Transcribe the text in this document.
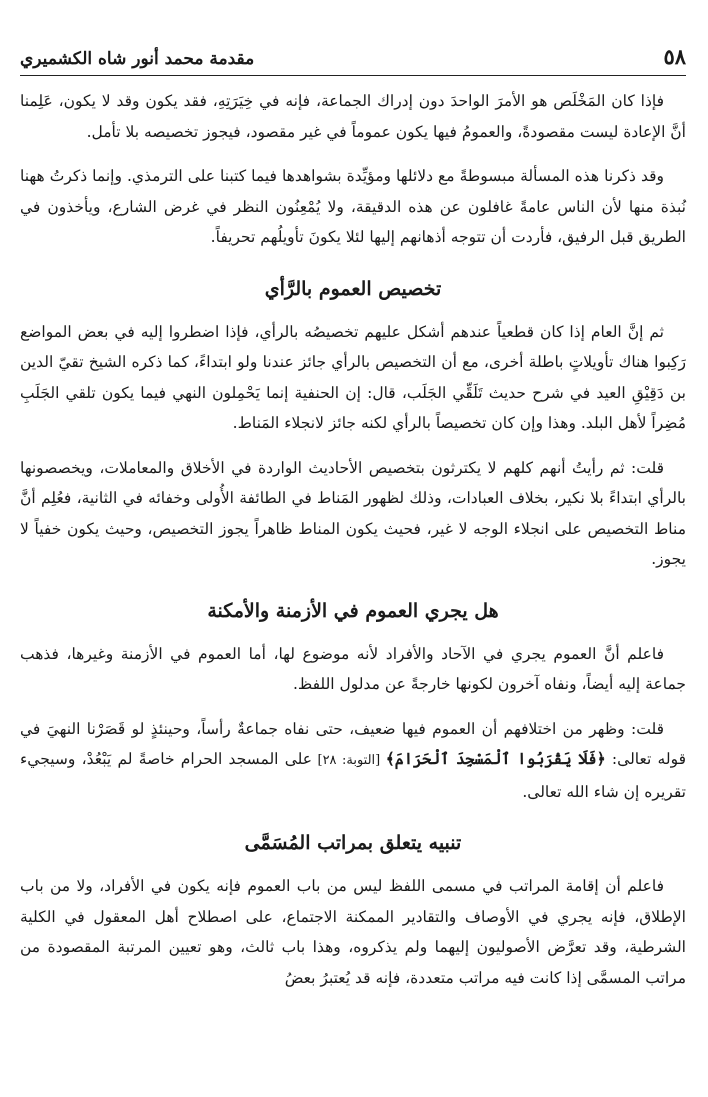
٥٨
مقدمة محمد أنور شاه الكشميري

فإذا كان المَخْلَص هو الأمرَ الواحدَ دون إدراك الجماعة، فإنه في خِيَرَتِهِ، فقد يكون وقد لا يكون، عَلِمنا أنَّ الإعادة ليست مقصودةً، والعمومُ فيها يكون عموماً في غير مقصود، فيجوز تخصيصه بلا تأمل.

وقد ذكرنا هذه المسألة مبسوطةً مع دلائلها ومؤيِّدة بشواهدها فيما كتبنا على الترمذي. وإنما ذكرتُ ههنا نُبذة منها لأن الناس عامةً غافلون عن هذه الدقيقة، ولا يُمْعِنُون النظر في غرض الشارع، ويأخذون في الطريق قبل الرفيق، فأردت أن تتوجه أذهانهم إليها لئلا يكونَ تأويلُهم تحريفاً.

تخصيص العموم بالرَّأي

ثم إنَّ العام إذا كان قطعياً عندهم أشكل عليهم تخصيصُه بالرأي، فإذا اضطروا إليه في بعض المواضع رَكِبوا هناك تأويلاتٍ باطلة أخرى، مع أن التخصيص بالرأي جائز عندنا ولو ابتداءً، كما ذكره الشيخ تقيّ الدين بن دَقِيْقِ العيد في شرح حديث تَلَقِّي الجَلَب، قال: إن الحنفية إنما يَحْمِلون النهي فيما يكون تلقي الجَلَبِ مُضِراً لأهل البلد. وهذا وإن كان تخصيصاً بالرأي لكنه جائز لانجلاء المَناط.

قلت: ثم رأيتُ أنهم كلهم لا يكترثون بتخصيص الأحاديث الواردة في الأخلاق والمعاملات، ويخصصونها بالرأي ابتداءً بلا نكير، بخلاف العبادات، وذلك لظهور المَناط في الطائفة الأُولى وخفائه في الثانية، فعُلِم أنَّ مناط التخصيص على انجلاء الوجه لا غير، فحيث يكون المناط ظاهراً يجوز التخصيص، وحيث يكون خفياً لا يجوز.

هل يجري العموم في الأزمنة والأمكنة

فاعلم أنَّ العموم يجري في الآحاد والأفراد لأنه موضوع لها، أما العموم في الأزمنة وغيرها، فذهب جماعة إليه أيضاً، ونفاه آخرون لكونها خارجةً عن مدلول اللفظ.

قلت: وظهر من اختلافهم أن العموم فيها ضعيف، حتى نفاه جماعةٌ رأساً، وحينئذٍ لو قَصَرْنا النهيَ في قوله تعالى: ﴿فَلَا يَقْرَبُوا ٱلْمَسْجِدَ ٱلْحَرَامَ﴾ [التوبة: ٢٨] على المسجد الحرام خاصةً لم يَبْعُدْ، وسيجيء تقريره إن شاء الله تعالى.

تنبيه يتعلق بمراتب المُسَمَّى

فاعلم أن إقامة المراتب في مسمى اللفظ ليس من باب العموم فإنه يكون في الأفراد، ولا من باب الإطلاق، فإنه يجري في الأوصاف والتقادير الممكنة الاجتماع، على اصطلاح أهل المعقول في الكلية الشرطية، وقد تعرَّض الأصوليون إليهما ولم يذكروه، وهذا باب ثالث، وهو تعيين المرتبة المقصودة من مراتب المسمَّى إذا كانت فيه مراتب متعددة، فإنه قد يُعتبرُ بعضُ
